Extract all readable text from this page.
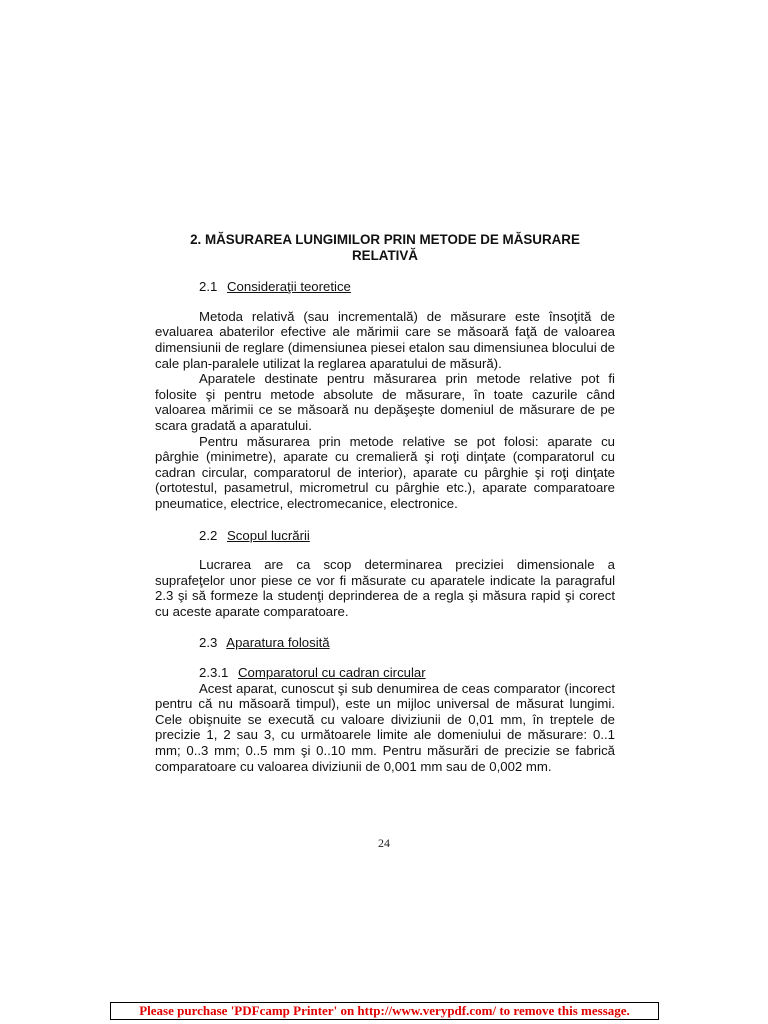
2. MĂSURAREA LUNGIMILOR PRIN METODE DE MĂSURARE RELATIVĂ
2.1 Consideraţii teoretice

Metoda relativă (sau incrementală) de măsurare este însoţită de evaluarea abaterilor efective ale mărimii care se măsoară faţă de valoarea dimensiunii de reglare (dimensiunea piesei etalon sau dimensiunea blocului de cale plan-paralele utilizat la reglarea aparatului de măsură).

Aparatele destinate pentru măsurarea prin metode relative pot fi folosite şi pentru metode absolute de măsurare, în toate cazurile când valoarea mărimii ce se măsoară nu depăşeşte domeniul de măsurare de pe scara gradată a aparatului.

Pentru măsurarea prin metode relative se pot folosi: aparate cu pârghie (minimetre), aparate cu cremalieră şi roţi dinţate (comparatorul cu cadran circular, comparatorul de interior), aparate cu pârghie şi roţi dinţate (ortotestul, pasametrul, micrometrul cu pârghie etc.), aparate comparatoare pneumatice, electrice, electromecanice, electronice.

2.2 Scopul lucrării

Lucrarea are ca scop determinarea preciziei dimensionale a suprafeţelor unor piese ce vor fi măsurate cu aparatele indicate la paragraful 2.3 şi să formeze la studenţi deprinderea de a regla şi măsura rapid şi corect cu aceste aparate comparatoare.

2.3 Aparatura folosită
2.3.1 Comparatorul cu cadran circular

Acest aparat, cunoscut şi sub denumirea de ceas comparator (incorect pentru că nu măsoară timpul), este un mijloc universal de măsurat lungimi. Cele obişnuite se execută cu valoare diviziunii de 0,01 mm, în treptele de precizie 1, 2 sau 3, cu următoarele limite ale domeniului de măsurare: 0..1 mm; 0..3 mm; 0..5 mm şi 0..10 mm. Pentru măsurări de precizie se fabrică comparatoare cu valoarea diviziunii de 0,001 mm sau de 0,002 mm.

24
Please purchase 'PDFcamp Printer' on http://www.verypdf.com/ to remove this message.
